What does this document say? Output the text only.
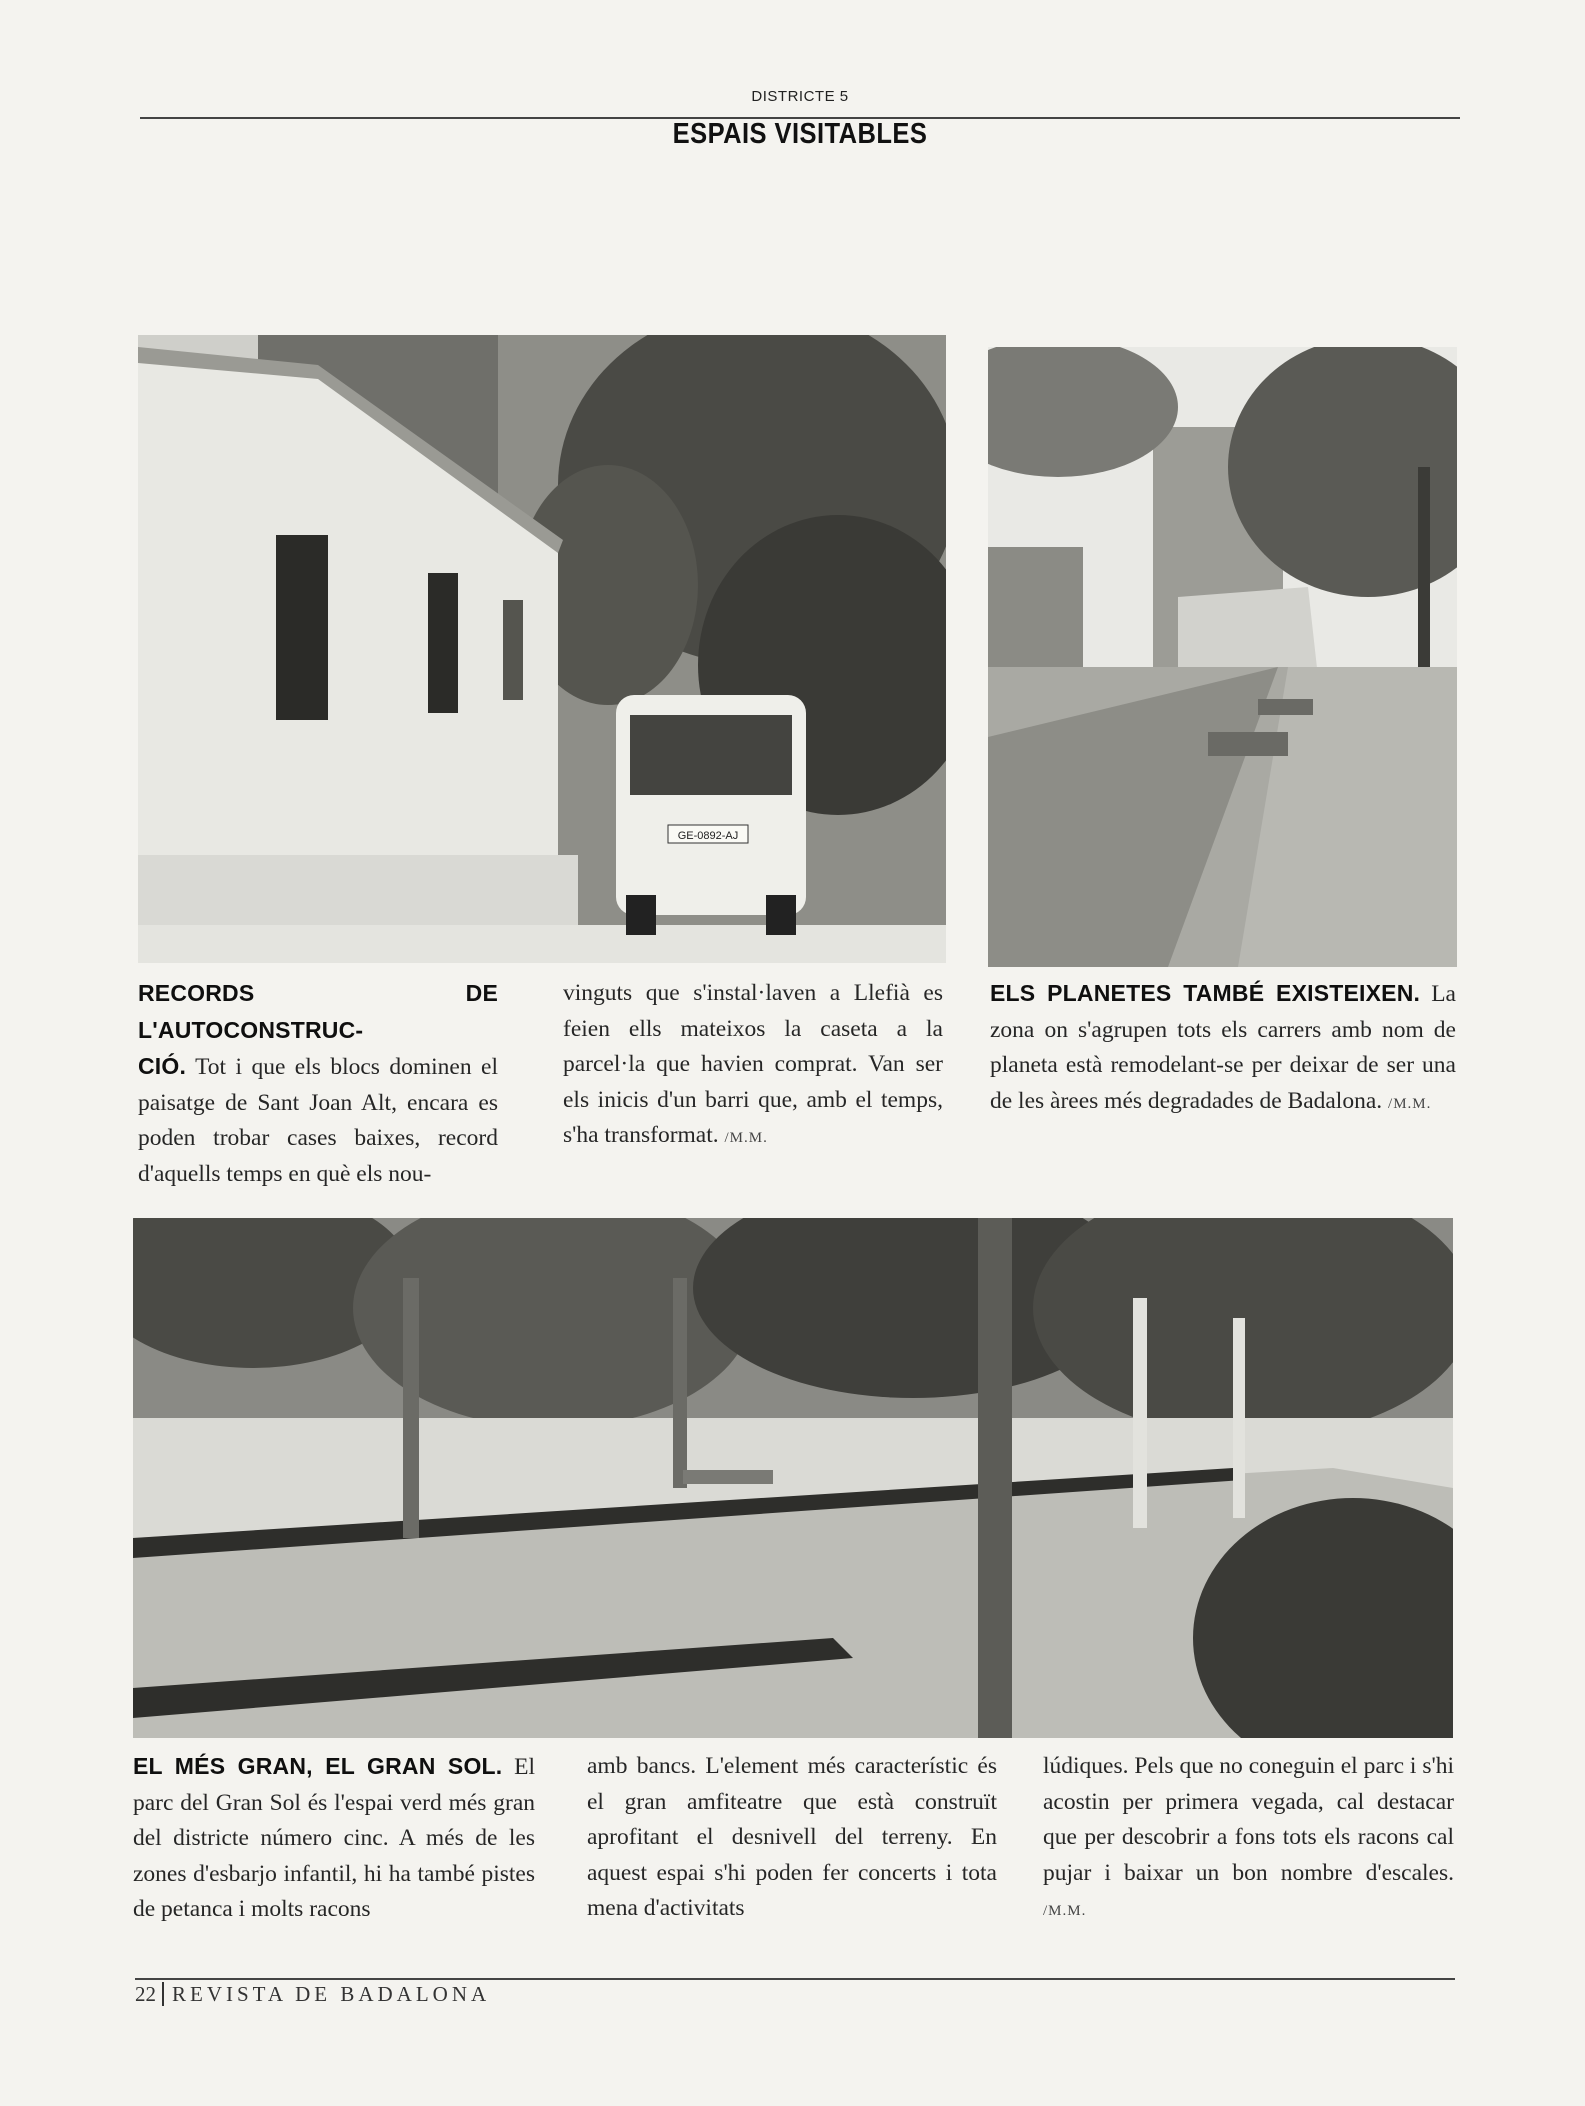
DISTRICTE 5
ESPAIS VISITABLES
GE-0892-AJ
RECORDS DE L'AUTOCONSTRUC-
CIÓ. Tot i que els blocs dominen el paisatge de Sant Joan Alt, encara es poden trobar cases baixes, record d'aquells temps en què els nou-
vinguts que s'instal·laven a Llefià es feien ells mateixos la caseta a la parcel·la que havien comprat. Van ser els inicis d'un barri que, amb el temps, s'ha transformat. /M.M.
ELS PLANETES TAMBÉ EXISTEIXEN. La zona on s'agrupen tots els carrers amb nom de planeta està remodelant-se per deixar de ser una de les àrees més degradades de Badalona. /M.M.
EL MÉS GRAN, EL GRAN SOL. El parc del Gran Sol és l'espai verd més gran del districte número cinc. A més de les zones d'esbarjo infantil, hi ha també pistes de petanca i molts racons
amb bancs. L'element més característic és el gran amfiteatre que està construït aprofitant el desnivell del terreny. En aquest espai s'hi poden fer concerts i tota mena d'activitats
lúdiques. Pels que no coneguin el parc i s'hi acostin per primera vegada, cal destacar que per descobrir a fons tots els racons cal pujar i baixar un bon nombre d'escales. /M.M.
22 REVISTA DE BADALONA
